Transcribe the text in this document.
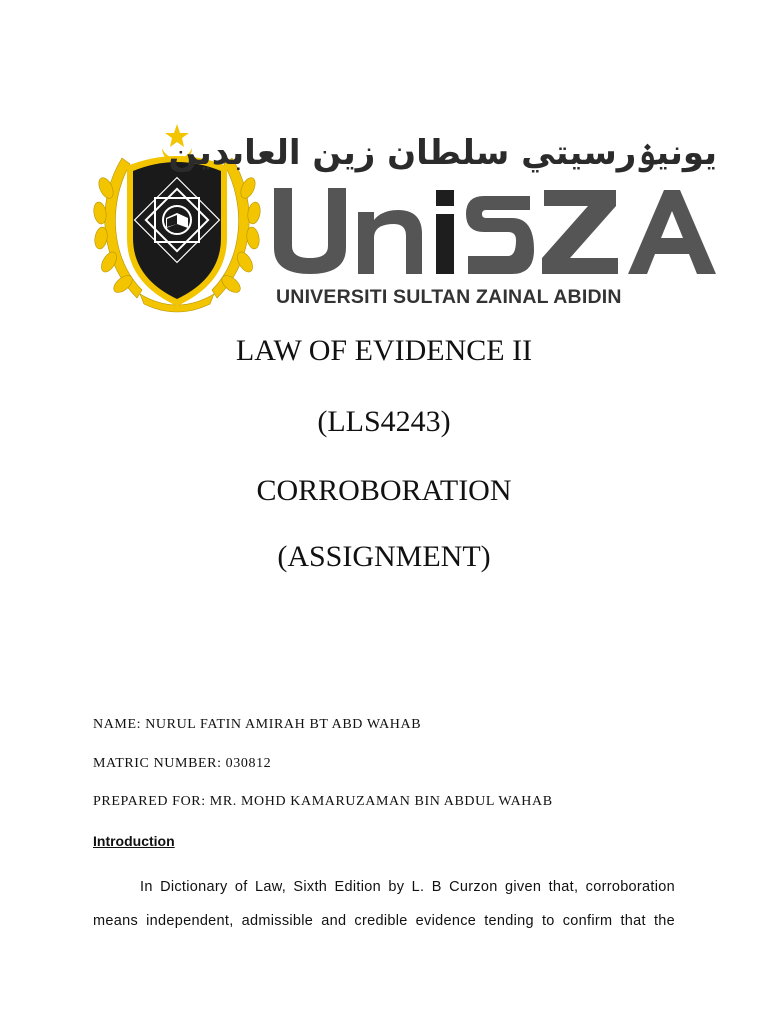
يونيۏرسيتي سلطان زين العابدين
UNIVERSITI SULTAN ZAINAL ABIDIN
LAW OF EVIDENCE II
(LLS4243)
CORROBORATION
(ASSIGNMENT)
NAME: NURUL FATIN AMIRAH BT ABD WAHAB
MATRIC NUMBER: 030812
PREPARED FOR: MR. MOHD KAMARUZAMAN BIN ABDUL WAHAB
Introduction
In Dictionary of Law, Sixth Edition by L. B Curzon given that, corroboration
means independent, admissible and credible evidence tending to confirm that the
